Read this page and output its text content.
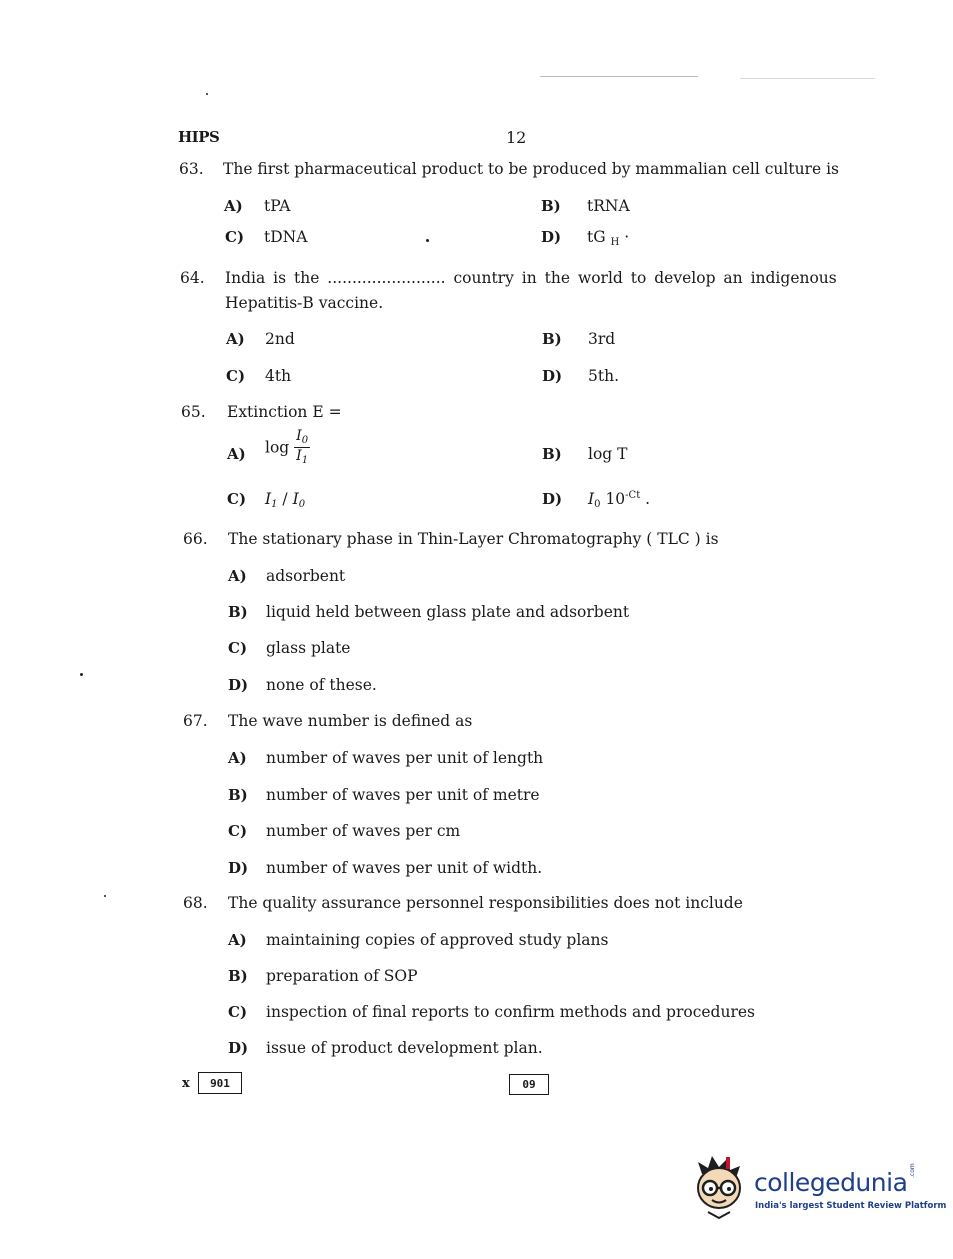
HIPS	12
63. The first pharmaceutical product to be produced by mammalian cell culture is
A) tPA	B) tRNA
C) tDNA	D) tG $_H$ ·
64. India is the ........................ country in the world to develop an indigenous
Hepatitis-B vaccine.
A) 2nd	B) 3rd
C) 4th	D) 5th.
65. Extinction E =
A) $\log \frac{I_0}{I_1}$	B) log T
C) $I_1 / I_0$	D) $I_0$ $10^{-Ct}$ .
66. The stationary phase in Thin-Layer Chromatography ( TLC ) is
A) adsorbent
B) liquid held between glass plate and adsorbent
C) glass plate
D) none of these.
67. The wave number is defined as
A) number of waves per unit of length
B) number of waves per unit of metre
C) number of waves per cm
D) number of waves per unit of width.
68. The quality assurance personnel responsibilities does not include
A) maintaining copies of approved study plans
B) preparation of SOP
C) inspection of final reports to confirm methods and procedures
D) issue of product development plan.
x	901	09
collegedunia .com
India's largest Student Review Platform
